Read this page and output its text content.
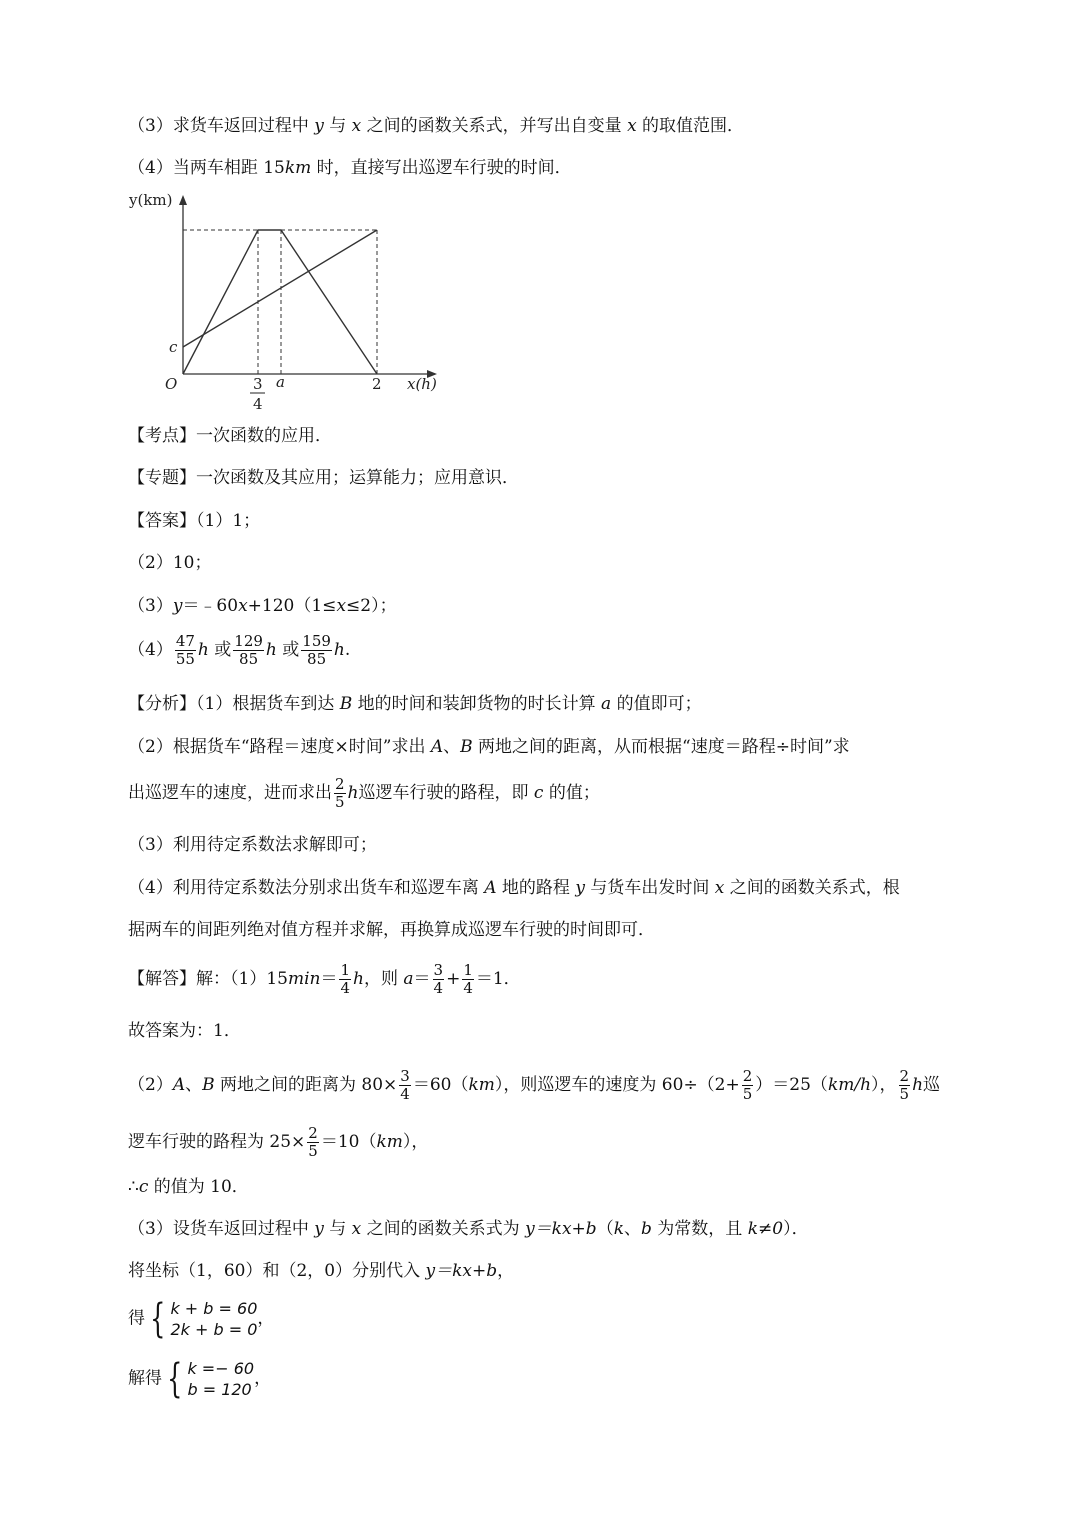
（3）求货车返回过程中 y 与 x 之间的函数关系式，并写出自变量 x 的取值范围．
（4）当两车相距 15km 时，直接写出巡逻车行驶的时间．
y(km)
x(h)
O
c
a	2
3
4
【考点】一次函数的应用．
【专题】一次函数及其应用；运算能力；应用意识．
【答案】（1）1；
（2）10；
（3）y＝﹣60x+120（1≤x≤2）；
$(4) \frac{47}{55}$ h 或 $\frac{129}{85}$ h 或 $\frac{159}{85} h$.
【分析】（1）根据货车到达 B 地的时间和装卸货物的时长计算 a 的值即可；
（2）根据货车“路程＝速度×时间”求出 A、B 两地之间的距离，从而根据“速度＝路程÷时间”求
出巡逻车的速度，进而求出 $\frac{2}{5}$ h巡逻车行驶的路程，即 c 的值；
（3）利用待定系数法求解即可；
（4）利用待定系数法分别求出货车和巡逻车离 A 地的路程 y 与货车出发时间 x 之间的函数关系式，根
据两车的间距列绝对值方程并求解，再换算成巡逻车行驶的时间即可．
【解答】解：$(1)15\min= \frac{1}{4}$ h，则 $a= \frac{3}{4} + \frac{1}{4} =1$．
故答案为：1．
（2）A、B 两地之间的距离为 $80\times \frac{3}{4} =60(km)$，则巡逻车的速度为 $60\div(2+ \frac{2}{5} )=25(km/h)$， $\frac{2}{5}$ h巡
逻车行驶的路程为 $25\times \frac{2}{5} =10(km)$，
∴c 的值为 10．
（3）设货车返回过程中 y 与 x 之间的函数关系式为 y＝kx+b（k、b 为常数，且 k≠0）．
将坐标（1，60）和（2，0）分别代入 y＝kx+b，
得 { k + b = 60
2k + b = 0
，
解得 { k =− 60
b = 120
，
